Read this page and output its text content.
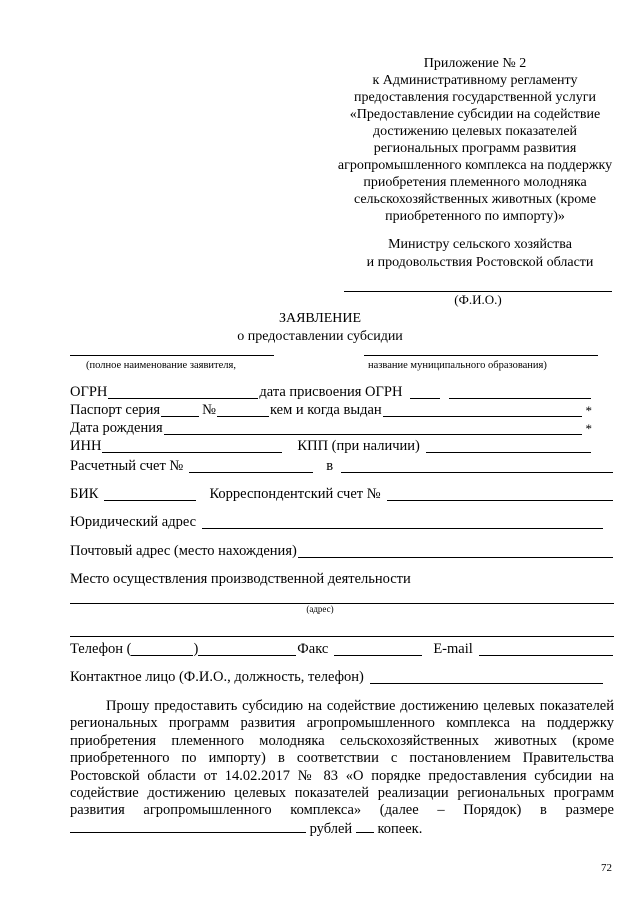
Приложение № 2
к Административному регламенту
предоставления государственной услуги
«Предоставление субсидии на содействие
достижению целевых показателей
региональных программ развития
агропромышленного комплекса на поддержку
приобретения племенного молодняка
сельскохозяйственных животных (кроме
приобретенного по импорту)»
Министру сельского хозяйства
и продовольствия Ростовской области
(Ф.И.О.)
ЗАЯВЛЕНИЕ
о предоставлении субсидии
(полное наименование заявителя,	название муниципального образования)
ОГРН	дата присвоения ОГРН
Паспорт серия	№	кем и когда выдан	*
Дата рождения	*
ИНН	КПП (при наличии)
Расчетный счет №	в
БИК	Корреспондентский счет №
Юридический адрес
Почтовый адрес (место нахождения)
Место осуществления производственной деятельности
(адрес)
Телефон (	)	Факс	E-mail
Контактное лицо (Ф.И.О., должность, телефон)
Прошу предоставить субсидию на содействие достижению целевых показателей региональных программ развития агропромышленного комплекса на поддержку приобретения племенного молодняка сельскохозяйственных животных (кроме приобретенного по импорту) в соответствии с постановлением Правительства Ростовской области от 14.02.2017 № 83 «О порядке предоставления субсидии на содействие достижению целевых показателей реализации региональных программ развития агропромышленного комплекса» (далее – Порядок) в размере  рублей копеек.
72
